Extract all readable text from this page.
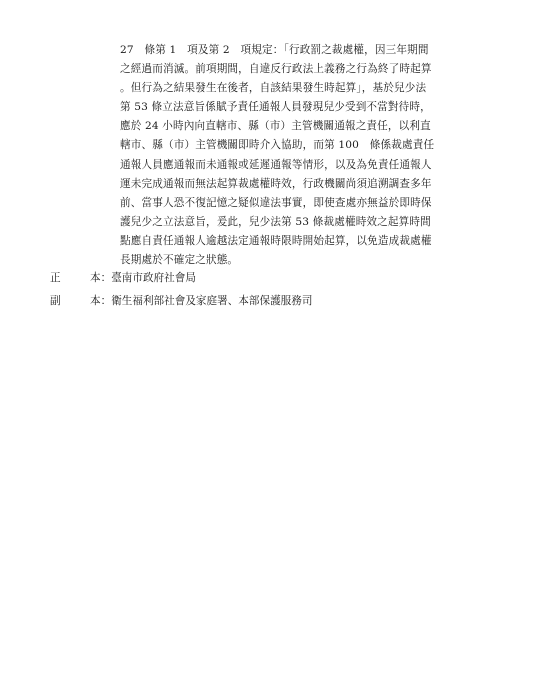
27　條第 1　項及第 2　項規定：「行政罰之裁處權，因三年期間
之經過而消滅。前項期間，自違反行政法上義務之行為終了時起算
。但行為之結果發生在後者，自該結果發生時起算」，基於兒少法
第 53 條立法意旨係賦予責任通報人員發現兒少受到不當對待時，
應於 24 小時內向直轄市、縣（市）主管機關通報之責任，以利直
轄市、縣（市）主管機關即時介入協助，而第 100　條係裁處責任
通報人員應通報而未通報或延遲通報等情形，以及為免責任通報人
運未完成通報而無法起算裁處權時效，行政機關尚須追溯調查多年
前、當事人恐不復記憶之疑似違法事實，即使查處亦無益於即時保
護兒少之立法意旨，爰此，兒少法第 53 條裁處權時效之起算時間
點應自責任通報人逾越法定通報時限時開始起算，以免造成裁處權
長期處於不確定之狀態。
正	本：臺南市政府社會局
副	本：衛生福利部社會及家庭署、本部保護服務司
